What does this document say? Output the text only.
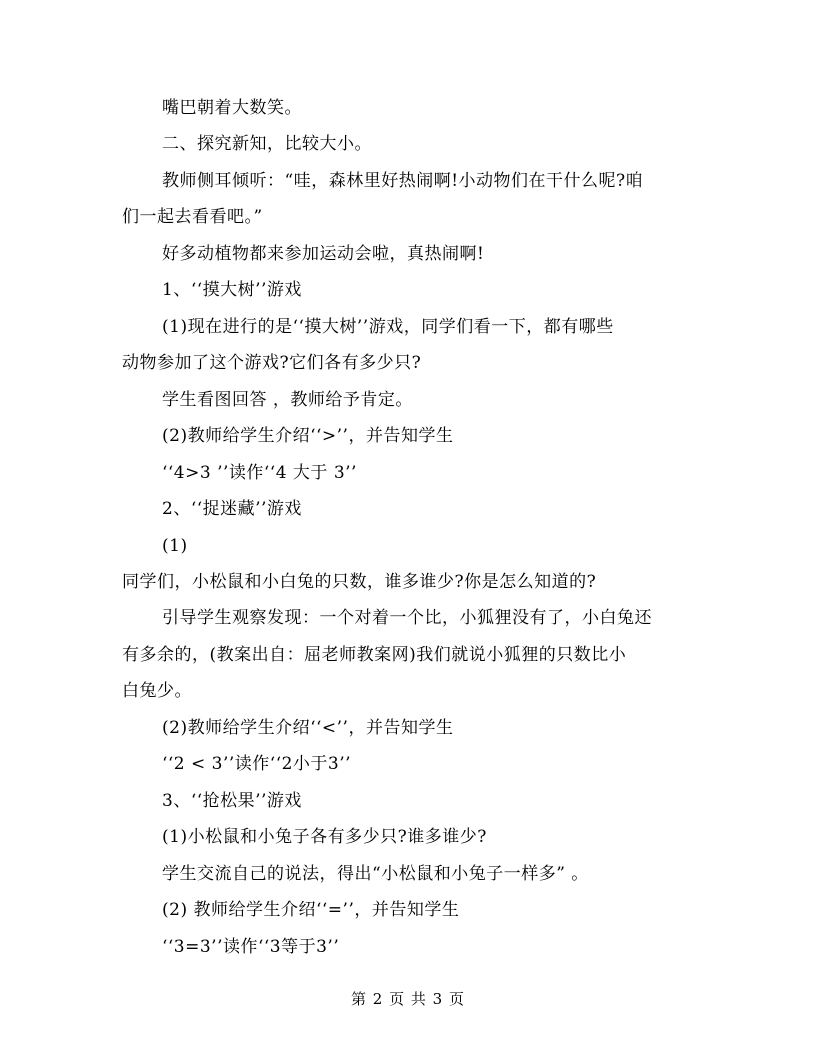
嘴巴朝着大数笑。
二、探究新知，比较大小。
教师侧耳倾听：“哇，森林里好热闹啊!小动物们在干什么呢?咱
们一起去看看吧。”
好多动植物都来参加运动会啦，真热闹啊!
1、‘‘摸大树’’游戏
(1)现在进行的是‘‘摸大树’’游戏，同学们看一下，都有哪些
动物参加了这个游戏?它们各有多少只?
学生看图回答 ，教师给予肯定。
(2)教师给学生介绍‘‘>’’，并告知学生
‘‘4>3 ’’读作‘‘4 大于 3’’
2、‘‘捉迷藏’’游戏
(1)
同学们，小松鼠和小白兔的只数，谁多谁少?你是怎么知道的?
引导学生观察发现：一个对着一个比，小狐狸没有了，小白兔还
有多余的，(教案出自：屈老师教案网)我们就说小狐狸的只数比小
白兔少。
(2)教师给学生介绍‘‘<’’，并告知学生
‘‘2 < 3’’读作‘‘2小于3’’
3、‘‘抢松果’’游戏
(1)小松鼠和小兔子各有多少只?谁多谁少?
学生交流自己的说法，得出“小松鼠和小兔子一样多” 。
(2) 教师给学生介绍‘‘=’’，并告知学生
‘‘3=3’’读作‘‘3等于3’’
第 2 页 共 3 页
